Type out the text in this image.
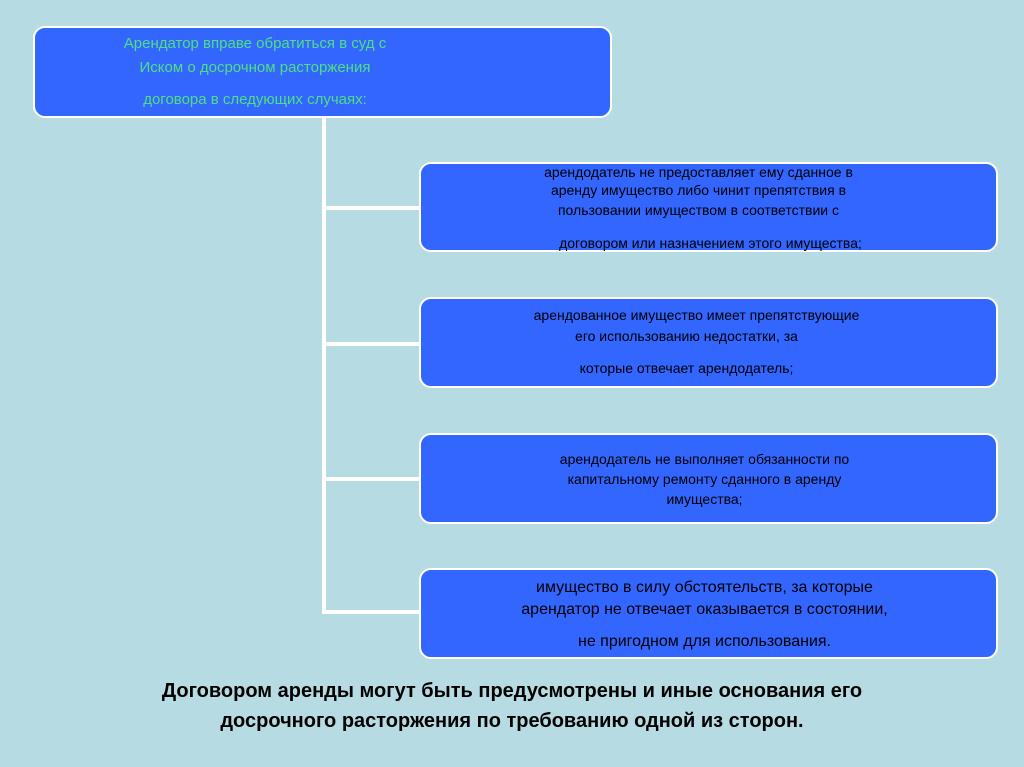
Арендатор вправе обратиться в суд с
Иском о досрочном расторжения
договора в следующих случаях:
арендодатель не предоставляет ему сданное в
аренду имущество либо чинит препятствия в
пользовании имуществом в соответствии с
договором или назначением этого имущества;
арендованное имущество имеет препятствующие
его использованию недостатки, за
которые отвечает арендодатель;
арендодатель не выполняет обязанности по
капитальному ремонту сданного в аренду
имущества;
имущество в силу обстоятельств, за которые
арендатор не отвечает оказывается в состоянии,
не пригодном для использования.
Договором аренды могут быть предусмотрены и иные основания его
досрочного расторжения по требованию одной из сторон.
